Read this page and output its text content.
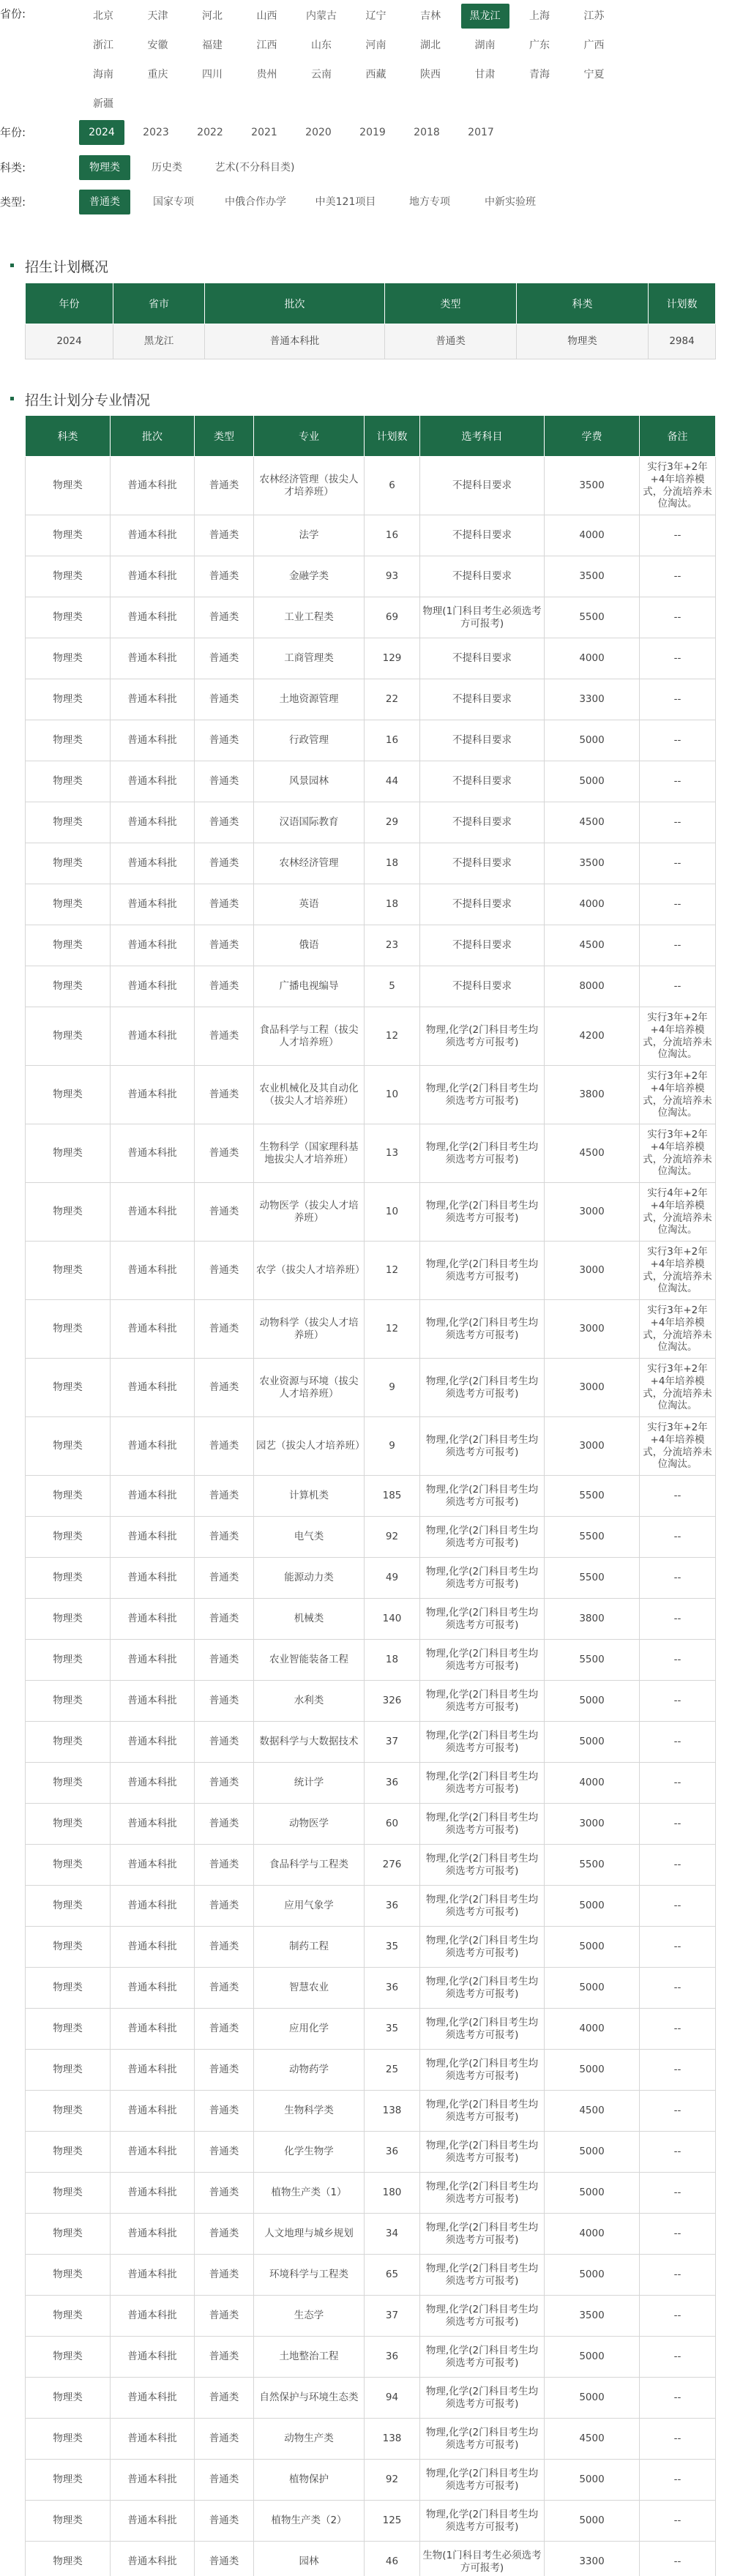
省份:	北京	天津	河北	山西	内蒙古	辽宁	吉林	黑龙江	上海	江苏
浙江	安徽	福建	江西	山东	河南	湖北	湖南	广东	广西
海南	重庆	四川	贵州	云南	西藏	陕西	甘肃	青海	宁夏
新疆
年份:	2024	2023	2022	2021	2020	2019	2018	2017
科类:	物理类	历史类	艺术(不分科目类)
类型:	普通类	国家专项	中俄合作办学	中美121项目	地方专项	中新实验班
招生计划概况
年份	省市	批次	类型	科类	计划数
2024	黑龙江	普通本科批	普通类	物理类	2984
招生计划分专业情况
科类	批次	类型	专业	计划数	选考科目	学费	备注
物理类	普通本科批	普通类	农林经济管理（拔尖人才培养班）	6	不提科目要求	3500	实行3年+2年+4年培养模式，分流培养未位淘汰。
物理类	普通本科批	普通类	法学	16	不提科目要求	4000	--
物理类	普通本科批	普通类	金融学类	93	不提科目要求	3500	--
物理类	普通本科批	普通类	工业工程类	69	物理(1门科目考生必须选考方可报考)	5500	--
物理类	普通本科批	普通类	工商管理类	129	不提科目要求	4000	--
物理类	普通本科批	普通类	土地资源管理	22	不提科目要求	3300	--
物理类	普通本科批	普通类	行政管理	16	不提科目要求	5000	--
物理类	普通本科批	普通类	风景园林	44	不提科目要求	5000	--
物理类	普通本科批	普通类	汉语国际教育	29	不提科目要求	4500	--
物理类	普通本科批	普通类	农林经济管理	18	不提科目要求	3500	--
物理类	普通本科批	普通类	英语	18	不提科目要求	4000	--
物理类	普通本科批	普通类	俄语	23	不提科目要求	4500	--
物理类	普通本科批	普通类	广播电视编导	5	不提科目要求	8000	--
物理类	普通本科批	普通类	食品科学与工程（拔尖人才培养班）	12	物理,化学(2门科目考生均须选考方可报考)	4200	实行3年+2年+4年培养模式，分流培养未位淘汰。
物理类	普通本科批	普通类	农业机械化及其自动化（拔尖人才培养班）	10	物理,化学(2门科目考生均须选考方可报考)	3800	实行3年+2年+4年培养模式，分流培养未位淘汰。
物理类	普通本科批	普通类	生物科学（国家理科基地拔尖人才培养班）	13	物理,化学(2门科目考生均须选考方可报考)	4500	实行3年+2年+4年培养模式，分流培养未位淘汰。
物理类	普通本科批	普通类	动物医学（拔尖人才培养班）	10	物理,化学(2门科目考生均须选考方可报考)	3000	实行4年+2年+4年培养模式，分流培养未位淘汰。
物理类	普通本科批	普通类	农学（拔尖人才培养班）	12	物理,化学(2门科目考生均须选考方可报考)	3000	实行3年+2年+4年培养模式，分流培养未位淘汰。
物理类	普通本科批	普通类	动物科学（拔尖人才培养班）	12	物理,化学(2门科目考生均须选考方可报考)	3000	实行3年+2年+4年培养模式，分流培养未位淘汰。
物理类	普通本科批	普通类	农业资源与环境（拔尖人才培养班）	9	物理,化学(2门科目考生均须选考方可报考)	3000	实行3年+2年+4年培养模式，分流培养未位淘汰。
物理类	普通本科批	普通类	园艺（拔尖人才培养班）	9	物理,化学(2门科目考生均须选考方可报考)	3000	实行3年+2年+4年培养模式，分流培养未位淘汰。
物理类	普通本科批	普通类	计算机类	185	物理,化学(2门科目考生均须选考方可报考)	5500	--
物理类	普通本科批	普通类	电气类	92	物理,化学(2门科目考生均须选考方可报考)	5500	--
物理类	普通本科批	普通类	能源动力类	49	物理,化学(2门科目考生均须选考方可报考)	5500	--
物理类	普通本科批	普通类	机械类	140	物理,化学(2门科目考生均须选考方可报考)	3800	--
物理类	普通本科批	普通类	农业智能装备工程	18	物理,化学(2门科目考生均须选考方可报考)	5500	--
物理类	普通本科批	普通类	水利类	326	物理,化学(2门科目考生均须选考方可报考)	5000	--
物理类	普通本科批	普通类	数据科学与大数据技术	37	物理,化学(2门科目考生均须选考方可报考)	5000	--
物理类	普通本科批	普通类	统计学	36	物理,化学(2门科目考生均须选考方可报考)	4000	--
物理类	普通本科批	普通类	动物医学	60	物理,化学(2门科目考生均须选考方可报考)	3000	--
物理类	普通本科批	普通类	食品科学与工程类	276	物理,化学(2门科目考生均须选考方可报考)	5500	--
物理类	普通本科批	普通类	应用气象学	36	物理,化学(2门科目考生均须选考方可报考)	5000	--
物理类	普通本科批	普通类	制药工程	35	物理,化学(2门科目考生均须选考方可报考)	5000	--
物理类	普通本科批	普通类	智慧农业	36	物理,化学(2门科目考生均须选考方可报考)	5000	--
物理类	普通本科批	普通类	应用化学	35	物理,化学(2门科目考生均须选考方可报考)	4000	--
物理类	普通本科批	普通类	动物药学	25	物理,化学(2门科目考生均须选考方可报考)	5000	--
物理类	普通本科批	普通类	生物科学类	138	物理,化学(2门科目考生均须选考方可报考)	4500	--
物理类	普通本科批	普通类	化学生物学	36	物理,化学(2门科目考生均须选考方可报考)	5000	--
物理类	普通本科批	普通类	植物生产类（1）	180	物理,化学(2门科目考生均须选考方可报考)	5000	--
物理类	普通本科批	普通类	人文地理与城乡规划	34	物理,化学(2门科目考生均须选考方可报考)	4000	--
物理类	普通本科批	普通类	环境科学与工程类	65	物理,化学(2门科目考生均须选考方可报考)	5000	--
物理类	普通本科批	普通类	生态学	37	物理,化学(2门科目考生均须选考方可报考)	3500	--
物理类	普通本科批	普通类	土地整治工程	36	物理,化学(2门科目考生均须选考方可报考)	5000	--
物理类	普通本科批	普通类	自然保护与环境生态类	94	物理,化学(2门科目考生均须选考方可报考)	5000	--
物理类	普通本科批	普通类	动物生产类	138	物理,化学(2门科目考生均须选考方可报考)	4500	--
物理类	普通本科批	普通类	植物保护	92	物理,化学(2门科目考生均须选考方可报考)	5000	--
物理类	普通本科批	普通类	植物生产类（2）	125	物理,化学(2门科目考生均须选考方可报考)	5000	--
物理类	普通本科批	普通类	园林	46	生物(1门科目考生必须选考方可报考)	3300	--
